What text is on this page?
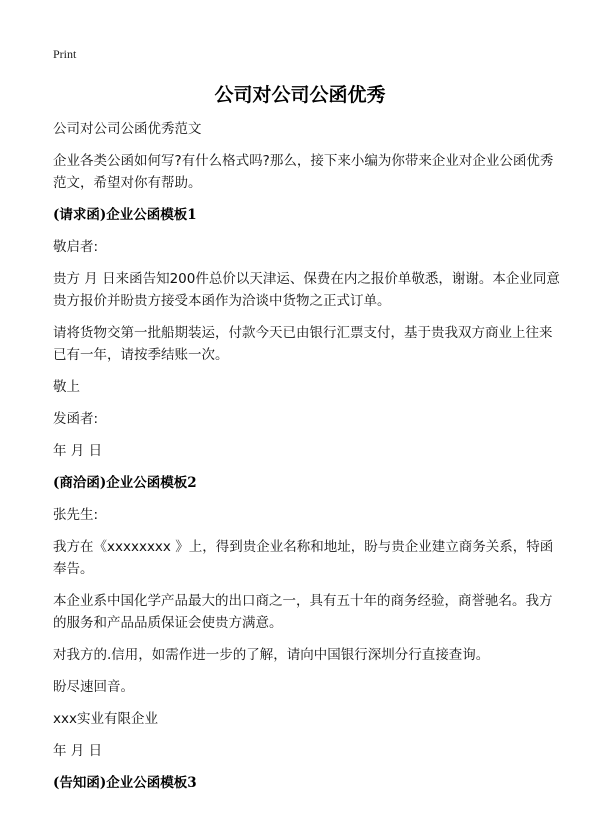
Print
公司对公司公函优秀

公司对公司公函优秀范文

企业各类公函如何写?有什么格式吗?那么，接下来小编为你带来企业对企业公函优秀范文，希望对你有帮助。

(请求函)企业公函模板1

敬启者:

贵方 月 日来函告知200件总价以天津运、保费在内之报价单敬悉，谢谢。本企业同意贵方报价并盼贵方接受本函作为洽谈中货物之正式订单。

请将货物交第一批船期装运，付款今天已由银行汇票支付，基于贵我双方商业上往来已有一年，请按季结账一次。

敬上

发函者:

年 月 日

(商洽函)企业公函模板2

张先生:

我方在《xxxxxxxx 》上，得到贵企业名称和地址，盼与贵企业建立商务关系，特函奉告。

本企业系中国化学产品最大的出口商之一，具有五十年的商务经验，商誉驰名。我方的服务和产品品质保证会使贵方满意。

对我方的.信用，如需作进一步的了解，请向中国银行深圳分行直接查询。

盼尽速回音。

xxx实业有限企业

年 月 日

(告知函)企业公函模板3
